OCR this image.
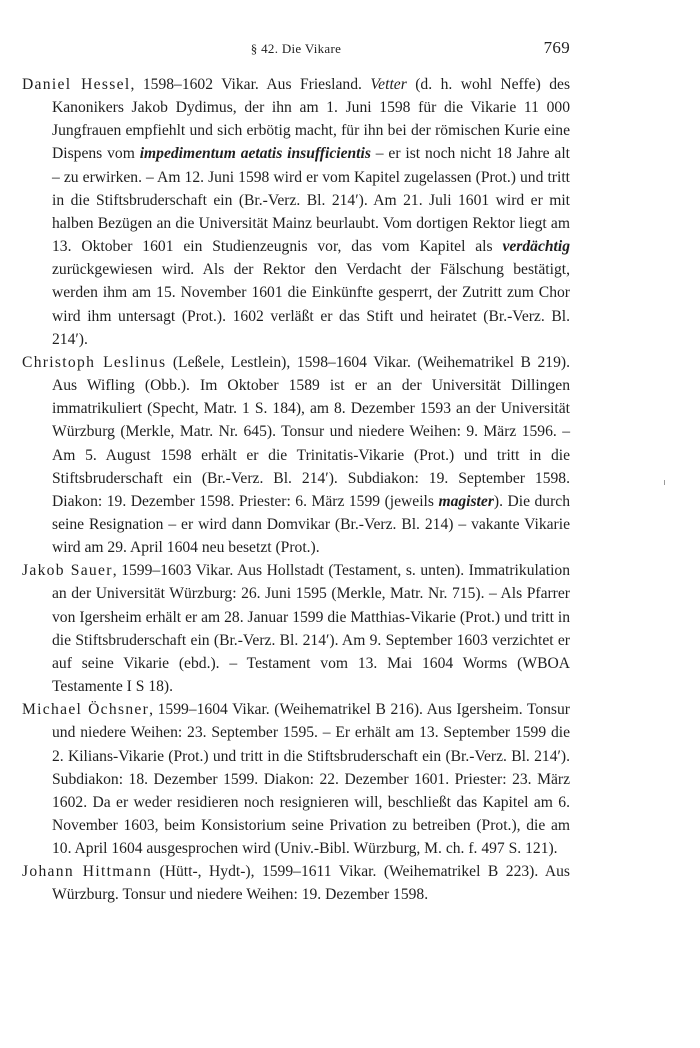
§ 42. Die Vikare	769

Daniel Hessel, 1598–1602 Vikar. Aus Friesland. Vetter (d. h. wohl Neffe) des Kanonikers Jakob Dydimus, der ihn am 1. Juni 1598 für die Vikarie 11 000 Jungfrauen empfiehlt und sich erbötig macht, für ihn bei der römischen Kurie eine Dispens vom impedimentum aetatis insufficientis – er ist noch nicht 18 Jahre alt – zu erwirken. – Am 12. Juni 1598 wird er vom Kapitel zugelassen (Prot.) und tritt in die Stiftsbruderschaft ein (Br.-Verz. Bl. 214′). Am 21. Juli 1601 wird er mit halben Bezügen an die Universität Mainz beurlaubt. Vom dortigen Rektor liegt am 13. Oktober 1601 ein Studienzeugnis vor, das vom Kapitel als verdächtig zurückgewiesen wird. Als der Rektor den Verdacht der Fälschung bestätigt, werden ihm am 15. November 1601 die Einkünfte gesperrt, der Zutritt zum Chor wird ihm untersagt (Prot.). 1602 verläßt er das Stift und heiratet (Br.-Verz. Bl. 214′).

Christoph Leslinus (Leßele, Lestlein), 1598–1604 Vikar. (Weihematrikel B 219). Aus Wifling (Obb.). Im Oktober 1589 ist er an der Universität Dillingen immatrikuliert (Specht, Matr. 1 S. 184), am 8. Dezember 1593 an der Universität Würzburg (Merkle, Matr. Nr. 645). Tonsur und niedere Weihen: 9. März 1596. – Am 5. August 1598 erhält er die Trinitatis-Vikarie (Prot.) und tritt in die Stiftsbruderschaft ein (Br.-Verz. Bl. 214′). Subdiakon: 19. September 1598. Diakon: 19. Dezember 1598. Priester: 6. März 1599 (jeweils magister). Die durch seine Resignation – er wird dann Domvikar (Br.-Verz. Bl. 214) – vakante Vikarie wird am 29. April 1604 neu besetzt (Prot.).

Jakob Sauer, 1599–1603 Vikar. Aus Hollstadt (Testament, s. unten). Immatrikulation an der Universität Würzburg: 26. Juni 1595 (Merkle, Matr. Nr. 715). – Als Pfarrer von Igersheim erhält er am 28. Januar 1599 die Matthias-Vikarie (Prot.) und tritt in die Stiftsbruderschaft ein (Br.-Verz. Bl. 214′). Am 9. September 1603 verzichtet er auf seine Vikarie (ebd.). – Testament vom 13. Mai 1604 Worms (WBOA Testamente I S 18).

Michael Öchsner, 1599–1604 Vikar. (Weihematrikel B 216). Aus Igersheim. Tonsur und niedere Weihen: 23. September 1595. – Er erhält am 13. September 1599 die 2. Kilians-Vikarie (Prot.) und tritt in die Stiftsbruderschaft ein (Br.-Verz. Bl. 214′). Subdiakon: 18. Dezember 1599. Diakon: 22. Dezember 1601. Priester: 23. März 1602. Da er weder residieren noch resignieren will, beschließt das Kapitel am 6. November 1603, beim Konsistorium seine Privation zu betreiben (Prot.), die am 10. April 1604 ausgesprochen wird (Univ.-Bibl. Würzburg, M. ch. f. 497 S. 121).

Johann Hittmann (Hütt-, Hydt-), 1599–1611 Vikar. (Weihematrikel B 223). Aus Würzburg. Tonsur und niedere Weihen: 19. Dezember 1598.
